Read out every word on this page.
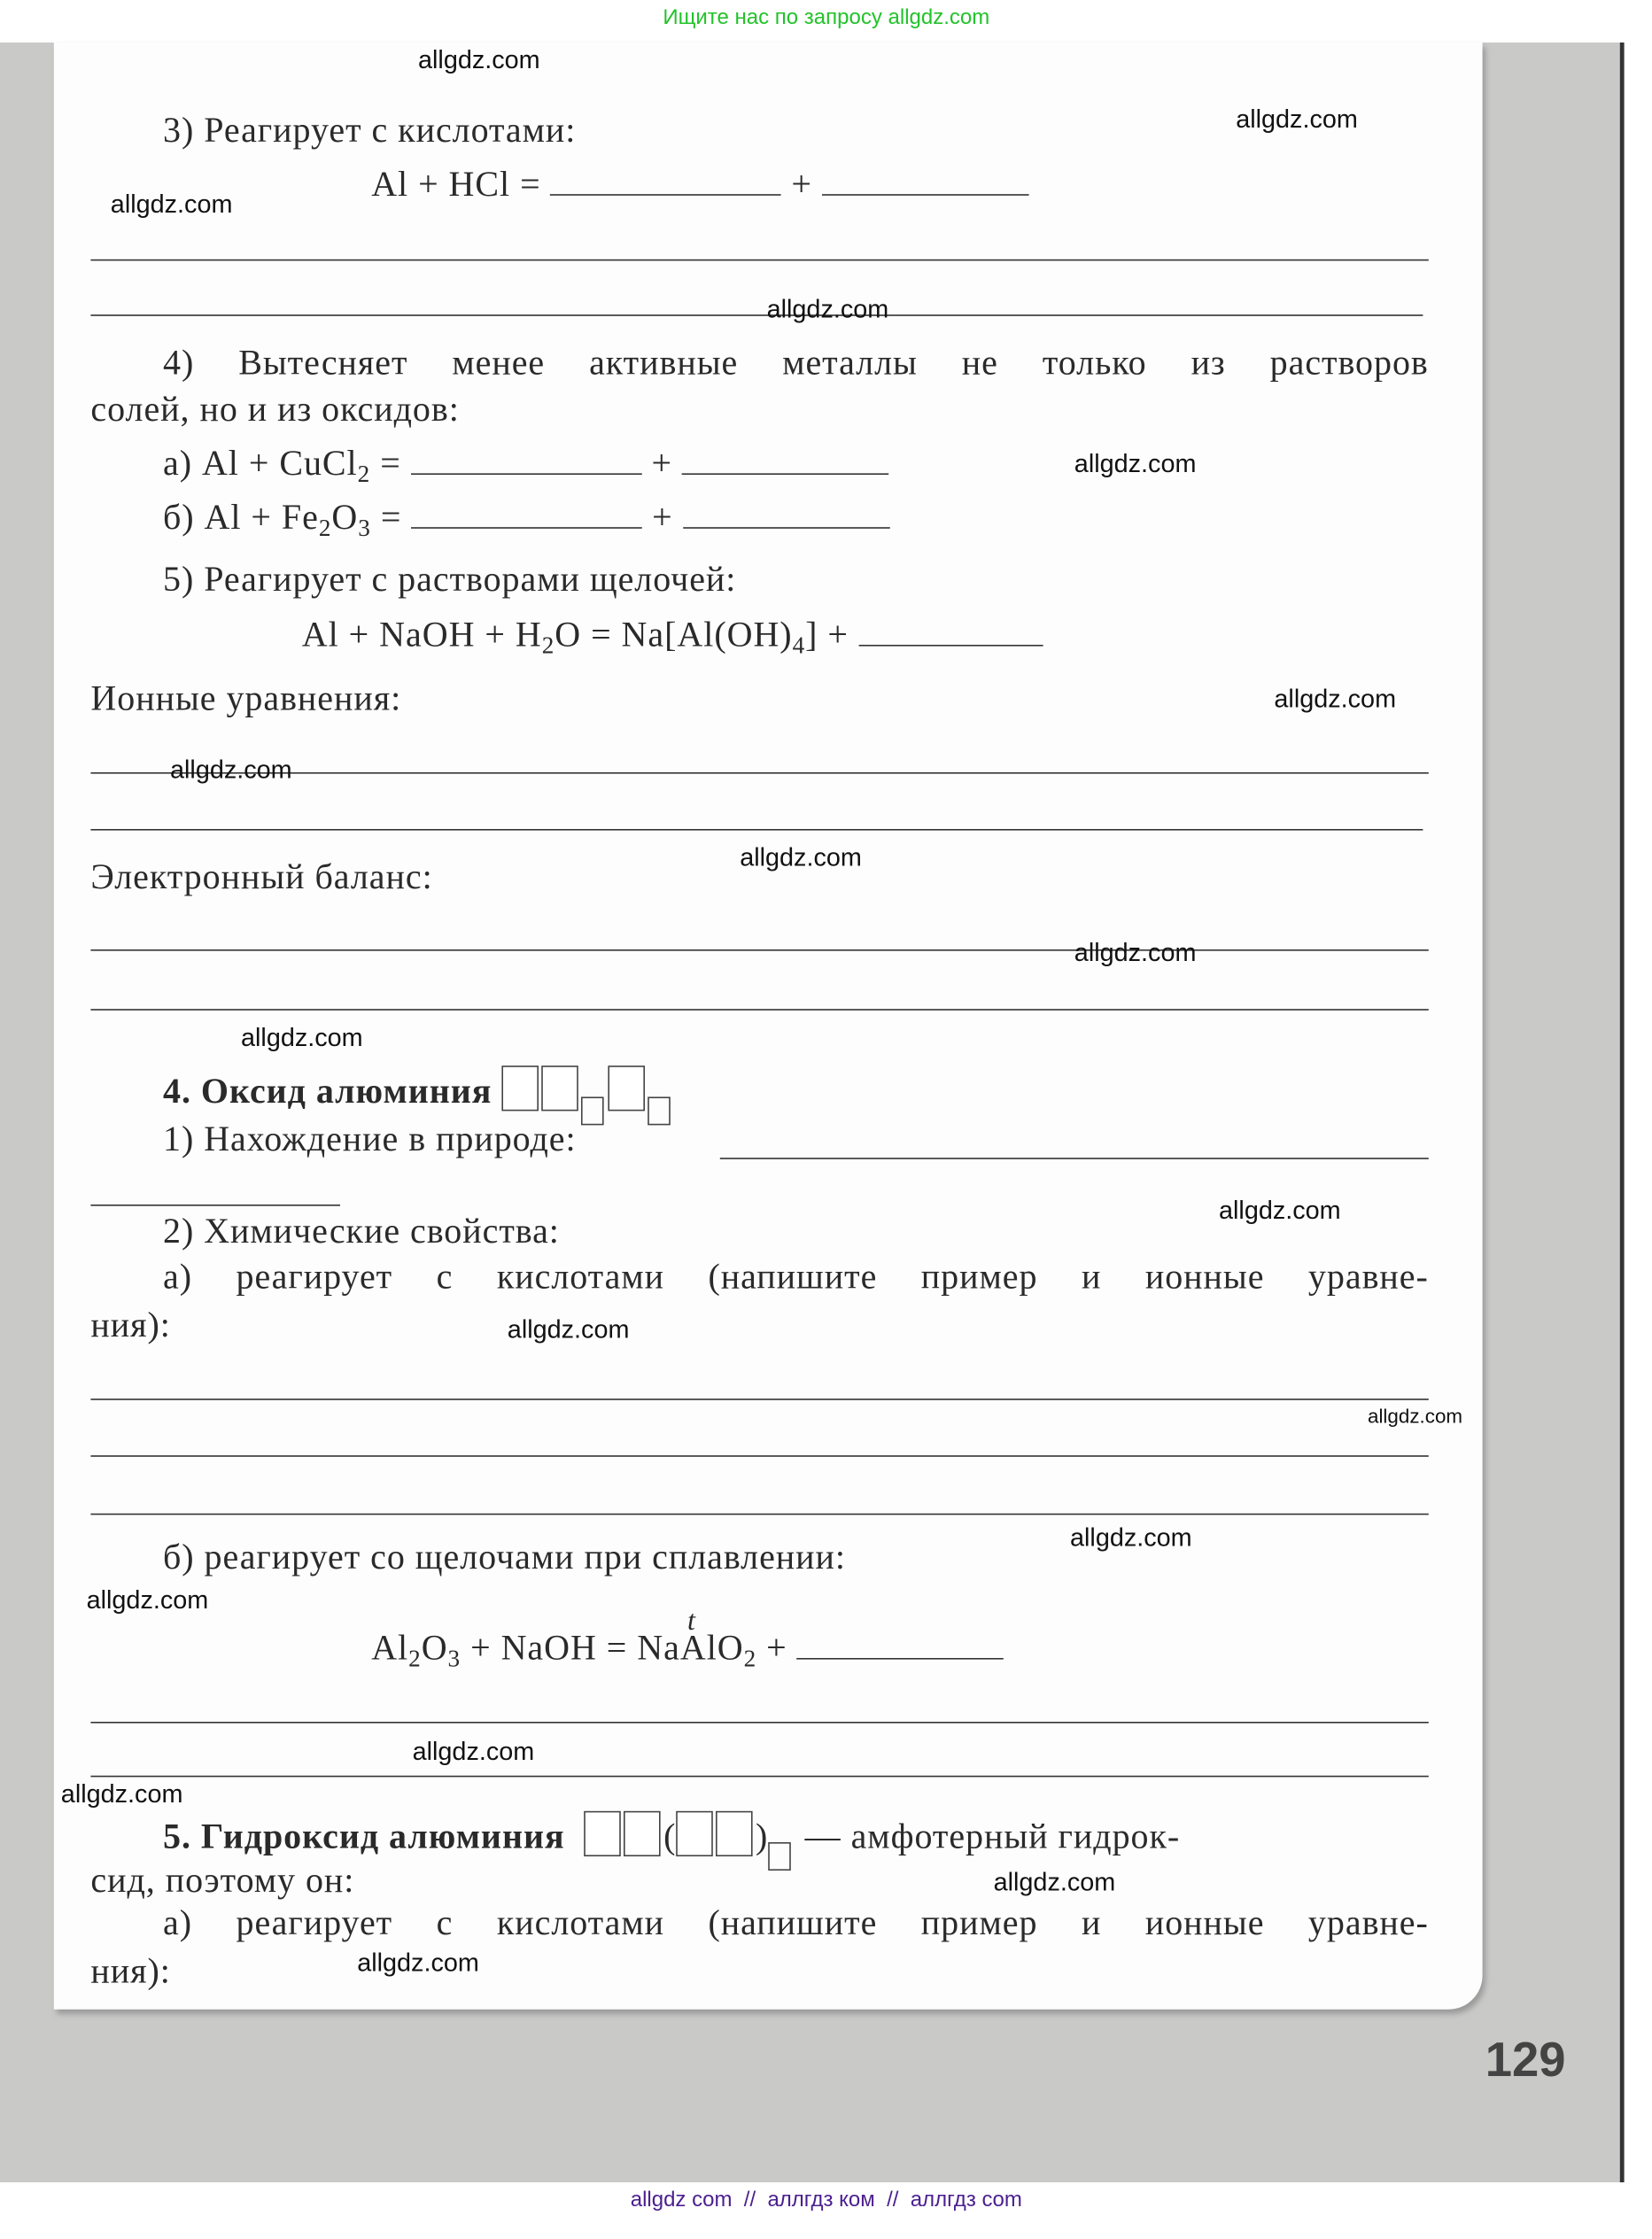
Ищите нас по запросу allgdz.com
3) Реагирует с кислотами:
Al + HCl =	+
4) Вытесняет менее активные металлы не только из растворов
солей, но и из оксидов:
а) Al + CuCl$_2$ =	+
б) $Al + Fe_2O_3$ =	+
5) Реагирует с растворами щелочей:
Al + NaOH + $H_2O = Na[Al(OH)_4]$ +
Ионные уравнения:
Электронный баланс:
4. Оксид алюминия
1) Нахождение в природе:
2) Химические свойства:
а) реагирует с кислотами (напишите пример и ионные уравне-
ния):
б) реагирует со щелочами при сплавлении:
$Al_2O_3$ + NaOH = NaAlO$_2$ +
t
5. Гидроксид алюминия	(	) — амфотерный гидрок-
сид, поэтому он:
а) реагирует с кислотами (напишите пример и ионные уравне-
ния):
129
allgdz.com
allgdz.com
allgdz.com
allgdz.com
allgdz.com
allgdz.com
allgdz.com
allgdz.com
allgdz.com
allgdz.com
allgdz.com
allgdz.com
allgdz.com
allgdz.com
allgdz.com
allgdz.com
allgdz.com
allgdz.com
allgdz.com
allgdz com  //  аллгдз ком  //  аллгдз com
